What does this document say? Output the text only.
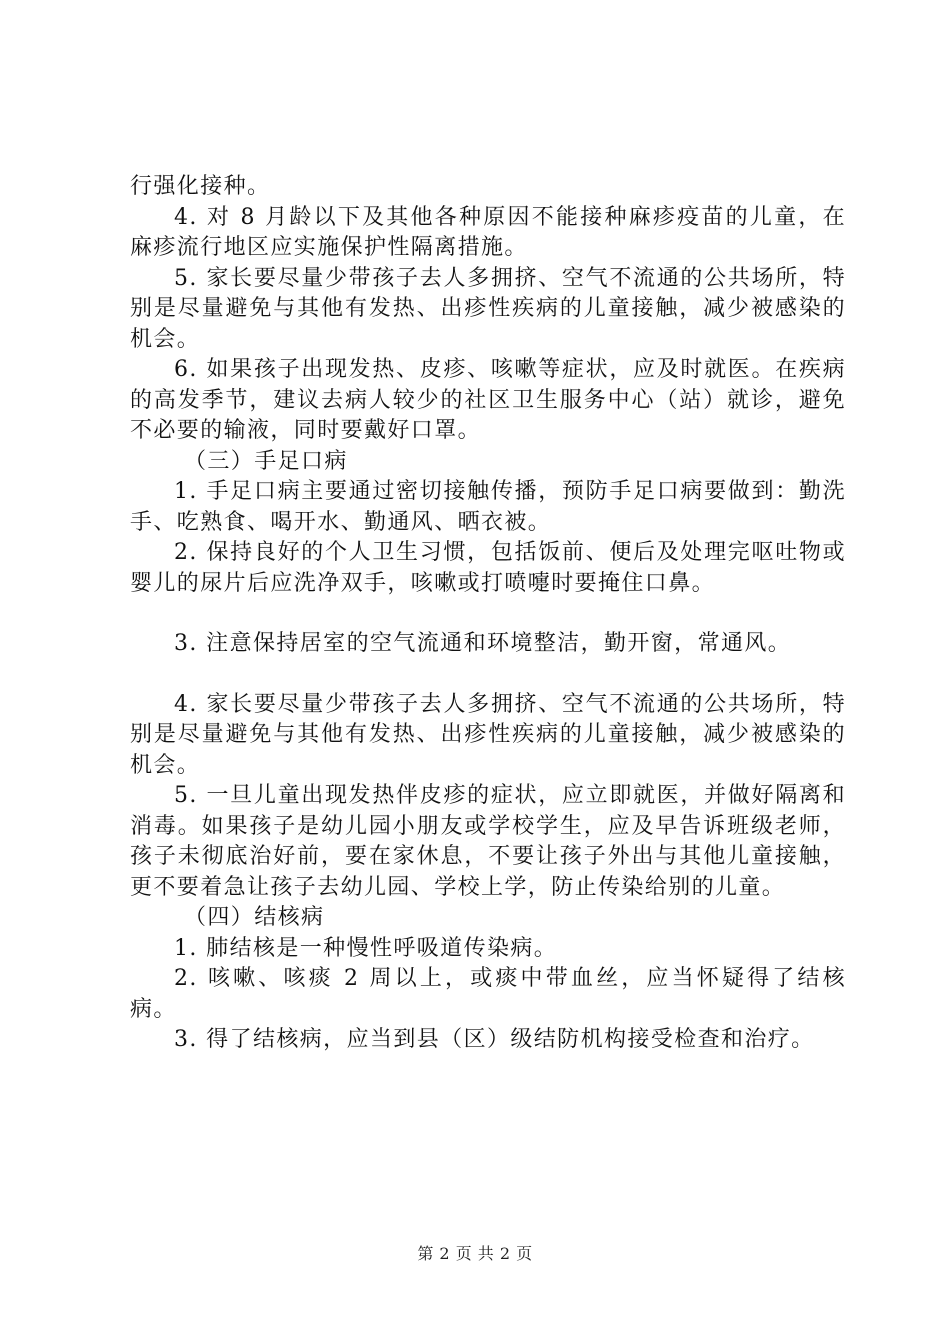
行强化接种。

4. 对 8 月龄以下及其他各种原因不能接种麻疹疫苗的儿童，在麻疹流行地区应实施保护性隔离措施。

5. 家长要尽量少带孩子去人多拥挤、空气不流通的公共场所，特别是尽量避免与其他有发热、出疹性疾病的儿童接触，减少被感染的机会。

6. 如果孩子出现发热、皮疹、咳嗽等症状，应及时就医。在疾病的高发季节，建议去病人较少的社区卫生服务中心（站）就诊，避免不必要的输液，同时要戴好口罩。

（三）手足口病

1. 手足口病主要通过密切接触传播，预防手足口病要做到：勤洗手、吃熟食、喝开水、勤通风、晒衣被。

2. 保持良好的个人卫生习惯，包括饭前、便后及处理完呕吐物或婴儿的尿片后应洗净双手，咳嗽或打喷嚏时要掩住口鼻。

3. 注意保持居室的空气流通和环境整洁，勤开窗，常通风。

4. 家长要尽量少带孩子去人多拥挤、空气不流通的公共场所，特别是尽量避免与其他有发热、出疹性疾病的儿童接触，减少被感染的机会。

5. 一旦儿童出现发热伴皮疹的症状，应立即就医，并做好隔离和消毒。如果孩子是幼儿园小朋友或学校学生，应及早告诉班级老师，孩子未彻底治好前，要在家休息，不要让孩子外出与其他儿童接触，更不要着急让孩子去幼儿园、学校上学，防止传染给别的儿童。

（四）结核病

1. 肺结核是一种慢性呼吸道传染病。

2. 咳嗽、咳痰 2 周以上，或痰中带血丝，应当怀疑得了结核病。

3. 得了结核病，应当到县（区）级结防机构接受检查和治疗。

第 2 页 共 2 页
